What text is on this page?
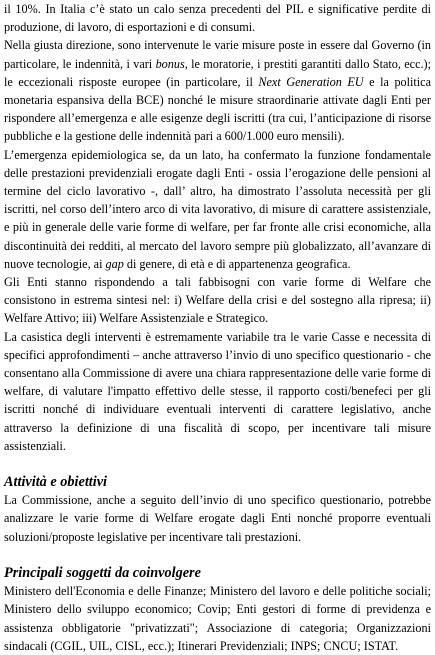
il 10%. In Italia c’è stato un calo senza precedenti del PIL e significative perdite di produzione, di lavoro, di esportazioni e di consumi.

Nella giusta direzione, sono intervenute le varie misure poste in essere dal Governo (in particolare, le indennità, i vari bonus, le moratorie, i prestiti garantiti dallo Stato, ecc.); le eccezionali risposte europee (in particolare, il Next Generation EU e la politica monetaria espansiva della BCE) nonché le misure straordinarie attivate dagli Enti per rispondere all’emergenza e alle esigenze degli iscritti (tra cui, l’anticipazione di risorse pubbliche e la gestione delle indennità pari a 600/1.000 euro mensili).

L’emergenza epidemiologica se, da un lato, ha confermato la funzione fondamentale delle prestazioni previdenziali erogate dagli Enti - ossia l’erogazione delle pensioni al termine del ciclo lavorativo -, dall’ altro, ha dimostrato l’assoluta necessità per gli iscritti, nel corso dell’intero arco di vita lavorativo, di misure di carattere assistenziale, e più in generale delle varie forme di welfare, per far fronte alle crisi economiche, alla discontinuità dei redditi, al mercato del lavoro sempre più globalizzato, all’avanzare di nuove tecnologie, ai gap di genere, di età e di appartenenza geografica.

Gli Enti stanno rispondendo a tali fabbisogni con varie forme di Welfare che consistono in estrema sintesi nel: i) Welfare della crisi e del sostegno alla ripresa; ii) Welfare Attivo; iii) Welfare Assistenziale e Strategico.

La casistica degli interventi è estremamente variabile tra le varie Casse e necessita di specifici approfondimenti – anche attraverso l’invio di uno specifico questionario - che consentano alla Commissione di avere una chiara rappresentazione delle varie forme di welfare, di valutare l'impatto effettivo delle stesse, il rapporto costi/benefeci per gli iscritti nonché di individuare eventuali interventi di carattere legislativo, anche attraverso la definizione di una fiscalità di scopo, per incentivare tali misure assistenziali.

Attività e obiettivi

La Commissione, anche a seguito dell’invio di uno specifico questionario, potrebbe analizzare le varie forme di Welfare erogate dagli Enti nonché proporre eventuali soluzioni/proposte legislative per incentivare tali prestazioni.

Principali soggetti da coinvolgere

Ministero dell'Economia e delle Finanze; Ministero del lavoro e delle politiche sociali; Ministero dello sviluppo economico; Covip; Enti gestori di forme di previdenza e assistenza obbligatorie "privatizzati"; Associazione di categoria; Organizzazioni sindacali (CGIL, UIL, CISL, ecc.); Itinerari Previdenziali; INPS; CNCU; ISTAT.
